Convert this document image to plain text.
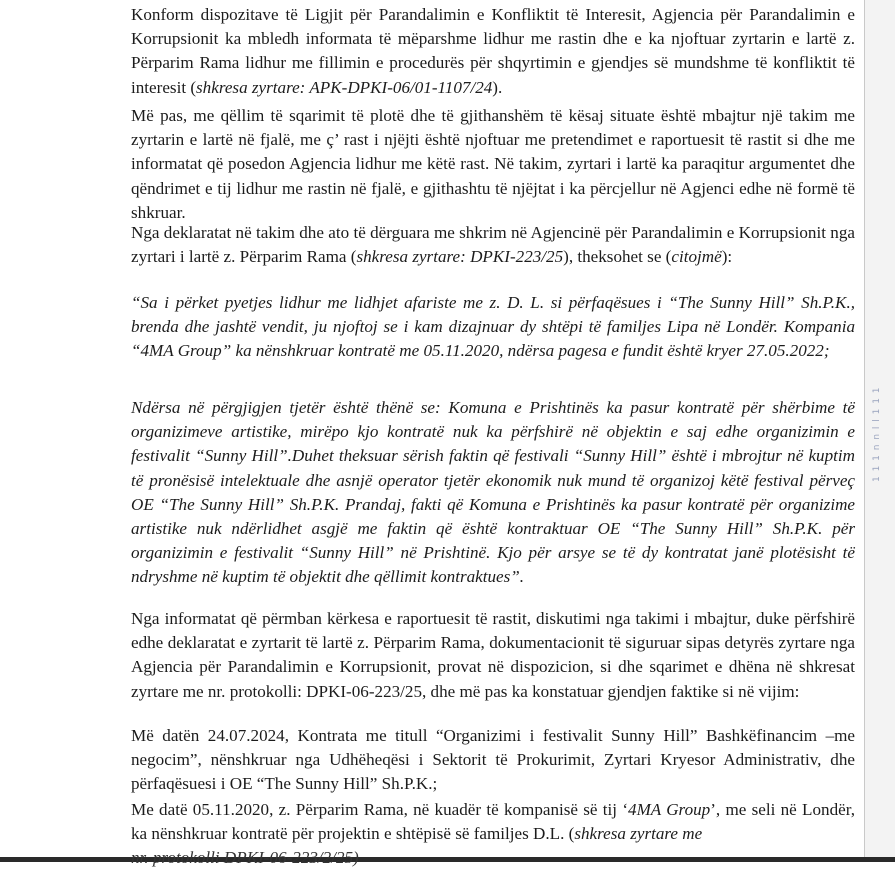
1 1 1 n n l l 1 1 1

Konform dispozitave të Ligjit për Parandalimin e Konfliktit të Interesit, Agjencia për Parandalimin e Korrupsionit ka mbledh informata të mëparshme lidhur me rastin dhe e ka njoftuar zyrtarin e lartë z. Përparim Rama lidhur me fillimin e procedurës për shqyrtimin e gjendjes së mundshme të konfliktit të interesit (shkresa zyrtare: APK-DPKI-06/01-1107/24).

Më pas, me qëllim të sqarimit të plotë dhe të gjithanshëm të kësaj situate është mbajtur një takim me zyrtarin e lartë në fjalë, me ç’ rast i njëjti është njoftuar me pretendimet e raportuesit të rastit si dhe me informatat që posedon Agjencia lidhur me këtë rast. Në takim, zyrtari i lartë ka paraqitur argumentet dhe qëndrimet e tij lidhur me rastin në fjalë, e gjithashtu të njëjtat i ka përcjellur në Agjenci edhe në formë të shkruar.

Nga deklaratat në takim dhe ato të dërguara me shkrim në Agjencinë për Parandalimin e Korrupsionit nga zyrtari i lartë z. Përparim Rama (shkresa zyrtare: DPKI-223/25), theksohet se (citojmë):

“Sa i përket pyetjes lidhur me lidhjet afariste me z. D. L. si përfaqësues i “The Sunny Hill” Sh.P.K., brenda dhe jashtë vendit, ju njoftoj se i kam dizajnuar dy shtëpi të familjes Lipa në Londër. Kompania “4MA Group” ka nënshkruar kontratë me 05.11.2020, ndërsa pagesa e fundit është kryer 27.05.2022;

Ndërsa në përgjigjen tjetër është thënë se: Komuna e Prishtinës ka pasur kontratë për shërbime të organizimeve artistike, mirëpo kjo kontratë nuk ka përfshirë në objektin e saj edhe organizimin e festivalit “Sunny Hill”.Duhet theksuar sërish faktin që festivali “Sunny Hill” është i mbrojtur në kuptim të pronësisë intelektuale dhe asnjë operator tjetër ekonomik nuk mund të organizoj këtë festival përveç OE “The Sunny Hill” Sh.P.K. Prandaj, fakti që Komuna e Prishtinës ka pasur kontratë për organizime artistike nuk ndërlidhet asgjë me faktin që është kontraktuar OE “The Sunny Hill” Sh.P.K. për organizimin e festivalit “Sunny Hill” në Prishtinë. Kjo për arsye se të dy kontratat janë plotësisht të ndryshme në kuptim të objektit dhe qëllimit kontraktues”.

Nga informatat që përmban kërkesa e raportuesit të rastit, diskutimi nga takimi i mbajtur, duke përfshirë edhe deklaratat e zyrtarit të lartë z. Përparim Rama, dokumentacionit të siguruar sipas detyrës zyrtare nga Agjencia për Parandalimin e Korrupsionit, provat në dispozicion, si dhe sqarimet e dhëna në shkresat zyrtare me nr. protokolli: DPKI-06-223/25, dhe më pas ka konstatuar gjendjen faktike si në vijim:

Më datën 24.07.2024, Kontrata me titull “Organizimi i festivalit Sunny Hill” Bashkëfinancim –me negocim”, nënshkruar nga Udhëheqësi i Sektorit të Prokurimit, Zyrtari Kryesor Administrativ, dhe përfaqësuesi i OE “The Sunny Hill” Sh.P.K.;

Me datë 05.11.2020, z. Përparim Rama, në kuadër të kompanisë së tij ‘4MA Group’, me seli në Londër, ka nënshkruar kontratë për projektin e shtëpisë së familjes D.L. (shkresa zyrtare me

nr. protokolli DPKI-06-223/2/25)
